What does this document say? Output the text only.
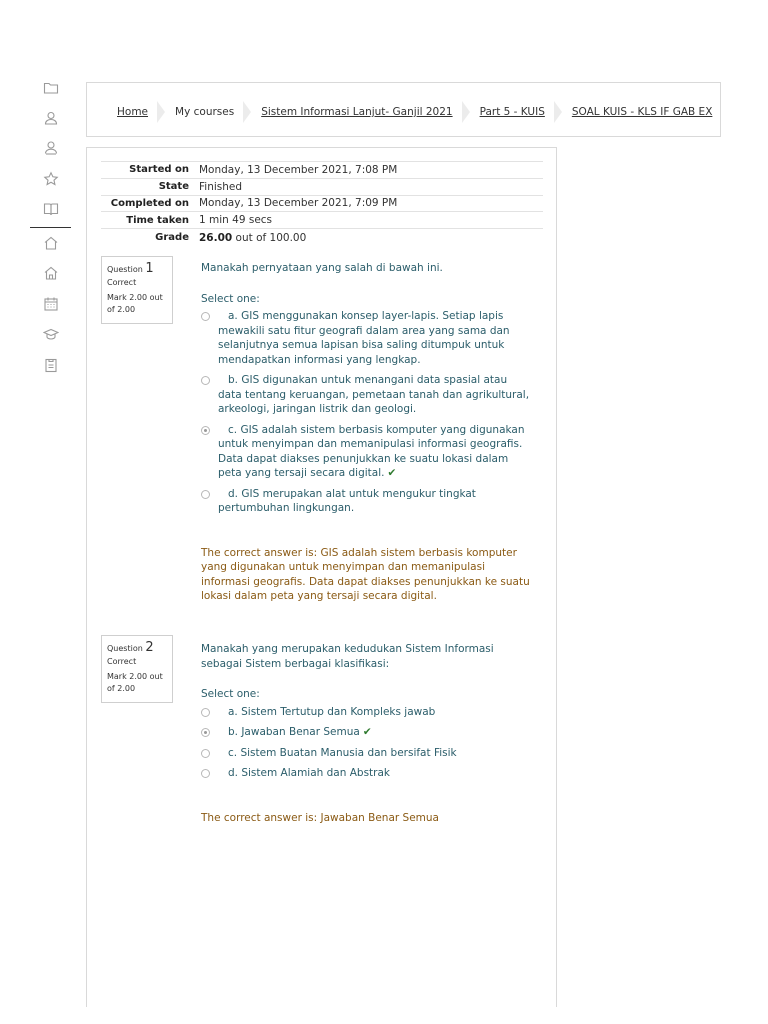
Home	My courses	Sistem Informasi Lanjut- Ganjil 2021	Part 5 - KUIS	SOAL KUIS - KLS IF GAB EX
Started on Monday, 13 December 2021, 7:08 PM
State Finished
Completed on Monday, 13 December 2021, 7:09 PM
Time taken 1 min 49 secs
Grade 26.00 out of 100.00
Question 1
Correct
Mark 2.00 out of 2.00
Manakah pernyataan yang salah di bawah ini.
Select one:
a. GIS menggunakan konsep layer-lapis. Setiap lapis mewakili satu fitur geografi dalam area yang sama dan selanjutnya semua lapisan bisa saling ditumpuk untuk mendapatkan informasi yang lengkap.
b. GIS digunakan untuk menangani data spasial atau data tentang keruangan, pemetaan tanah dan agrikultural, arkeologi, jaringan listrik dan geologi.
c. GIS adalah sistem berbasis komputer yang digunakan untuk menyimpan dan memanipulasi informasi geografis. Data dapat diakses penunjukkan ke suatu lokasi dalam peta yang tersaji secara digital. ✔
d. GIS merupakan alat untuk mengukur tingkat pertumbuhan lingkungan.
The correct answer is: GIS adalah sistem berbasis komputer yang digunakan untuk menyimpan dan memanipulasi informasi geografis. Data dapat diakses penunjukkan ke suatu lokasi dalam peta yang tersaji secara digital.
Question 2
Correct
Mark 2.00 out of 2.00
Manakah yang merupakan kedudukan Sistem Informasi sebagai Sistem berbagai klasifikasi:
Select one:
a. Sistem Tertutup dan Kompleks jawab
b. Jawaban Benar Semua ✔
c. Sistem Buatan Manusia dan bersifat Fisik
d. Sistem Alamiah dan Abstrak
The correct answer is: Jawaban Benar Semua
